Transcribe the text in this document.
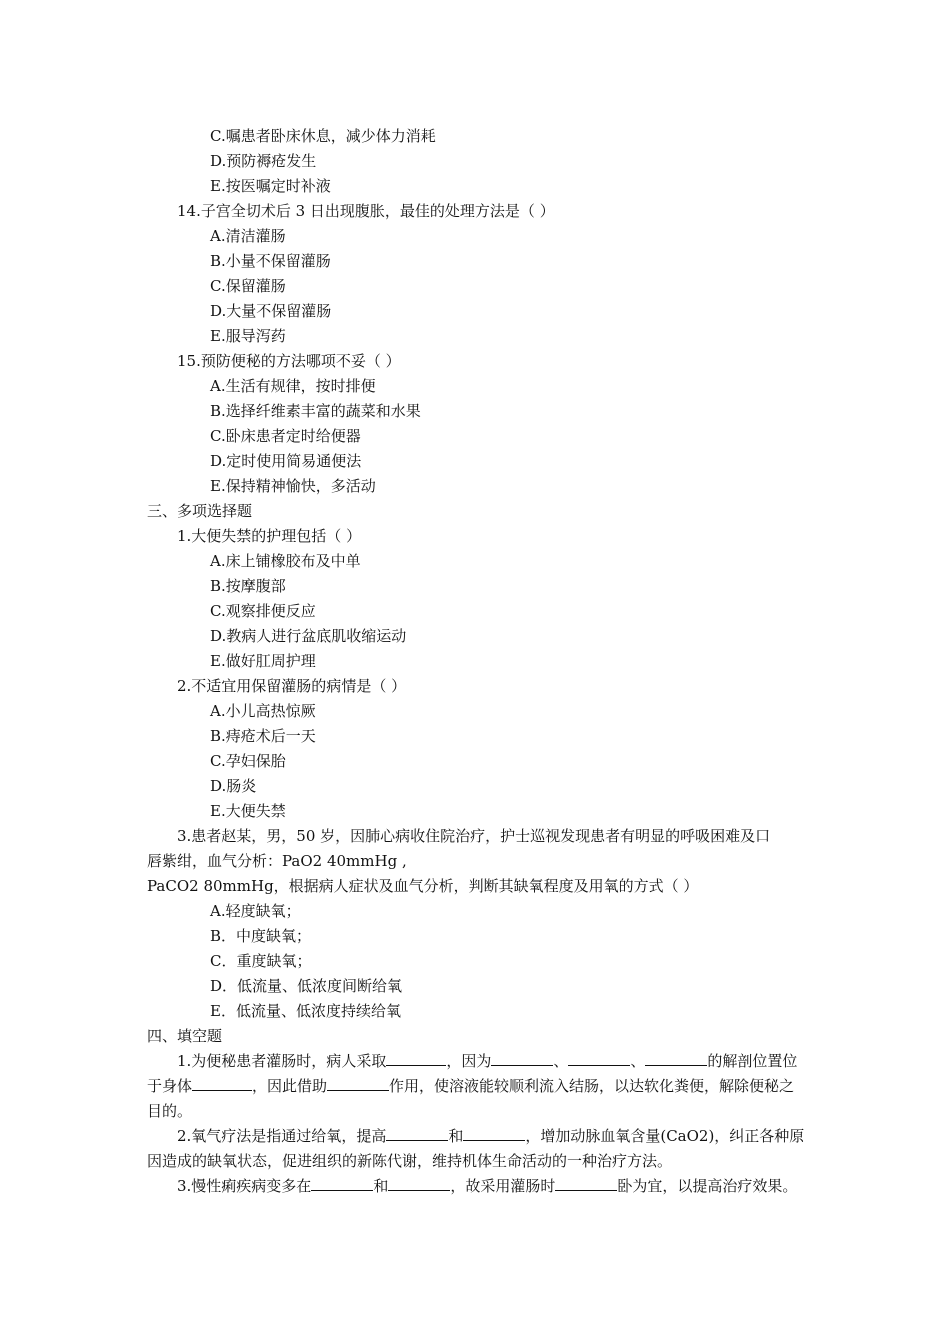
C.嘱患者卧床休息，减少体力消耗
D.预防褥疮发生
E.按医嘱定时补液
14.子宫全切术后 3 日出现腹胀，最佳的处理方法是（ ）
A.清洁灌肠
B.小量不保留灌肠
C.保留灌肠
D.大量不保留灌肠
E.服导泻药
15.预防便秘的方法哪项不妥（ ）
A.生活有规律，按时排便
B.选择纤维素丰富的蔬菜和水果
C.卧床患者定时给便器
D.定时使用简易通便法
E.保持精神愉快，多活动
三、多项选择题
1.大便失禁的护理包括（ ）
A.床上铺橡胶布及中单
B.按摩腹部
C.观察排便反应
D.教病人进行盆底肌收缩运动
E.做好肛周护理
2.不适宜用保留灌肠的病情是（ ）
A.小儿高热惊厥
B.痔疮术后一天
C.孕妇保胎
D.肠炎
E.大便失禁
3.患者赵某，男，50 岁，因肺心病收住院治疗，护士巡视发现患者有明显的呼吸困难及口
唇紫绀，血气分析：PaO2 40mmHg ,
PaCO2 80mmHg，根据病人症状及血气分析，判断其缺氧程度及用氧的方式（ ）
A.轻度缺氧；
B．中度缺氧；
C．重度缺氧；
D．低流量、低浓度间断给氧
E．低流量、低浓度持续给氧
四、填空题
1.为便秘患者灌肠时，病人采取	，因为	、	、	的解剖位置位于身体	，因此借助	作用，使溶液能较顺利流入结肠，以达软化粪便，解除便秘之目的。
2.氧气疗法是指通过给氧，提高	和	，增加动脉血氧含量(CaO2)，纠正各种原因造成的缺氧状态，促进组织的新陈代谢，维持机体生命活动的一种治疗方法。
3.慢性痢疾病变多在	和	，故采用灌肠时	卧为宜，以提高治疗效果。
